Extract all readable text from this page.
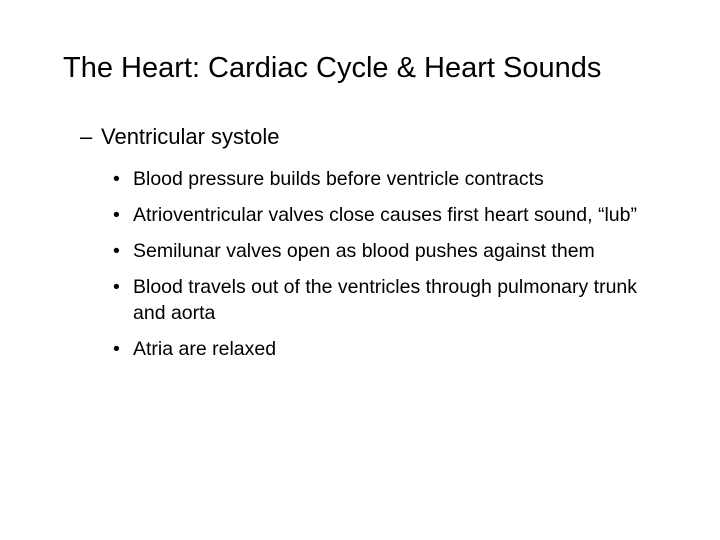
The Heart: Cardiac Cycle & Heart Sounds
– Ventricular systole
• Blood pressure builds before ventricle contracts
• Atrioventricular valves close causes first heart sound, “lub”
• Semilunar valves open as blood pushes against them
• Blood travels out of the ventricles through pulmonary trunk and aorta
• Atria are relaxed
